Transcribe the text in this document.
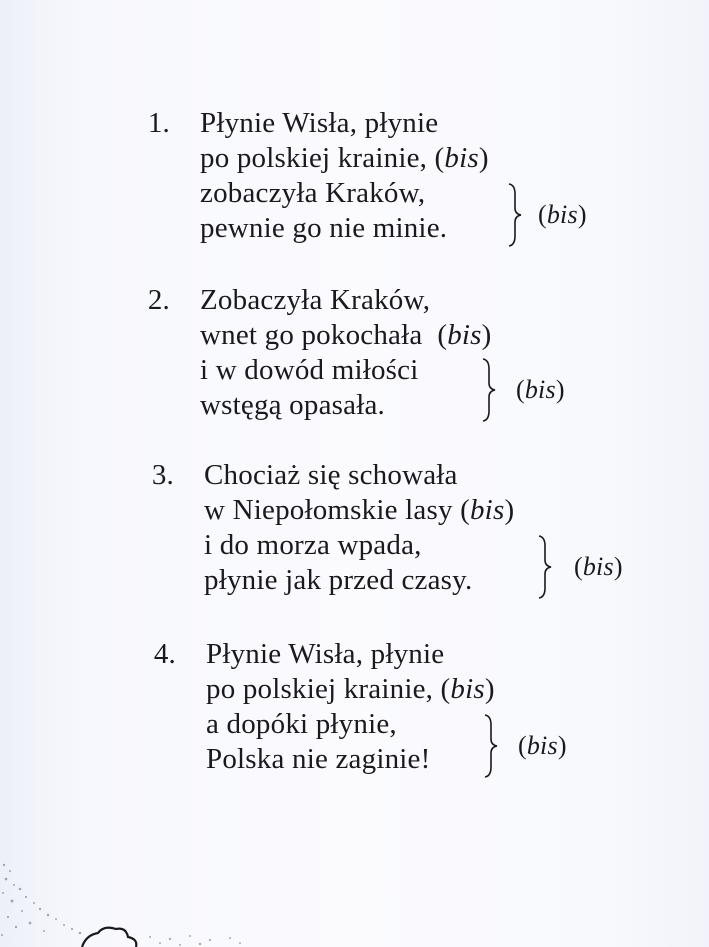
1. Płynie Wisła, płynie
po polskiej krainie, (bis)
zobaczyła Kraków,
pewnie go nie minie.	(bis)
2. Zobaczyła Kraków,
wnet go pokochała (bis)
i w dowód miłości
wstęgą opasała.	(bis)
3. Chociaż się schowała
w Niepołomskie lasy (bis)
i do morza wpada,
płynie jak przed czasy.	(bis)
4. Płynie Wisła, płynie
po polskiej krainie, (bis)
a dopóki płynie,
Polska nie zaginie!	(bis)
